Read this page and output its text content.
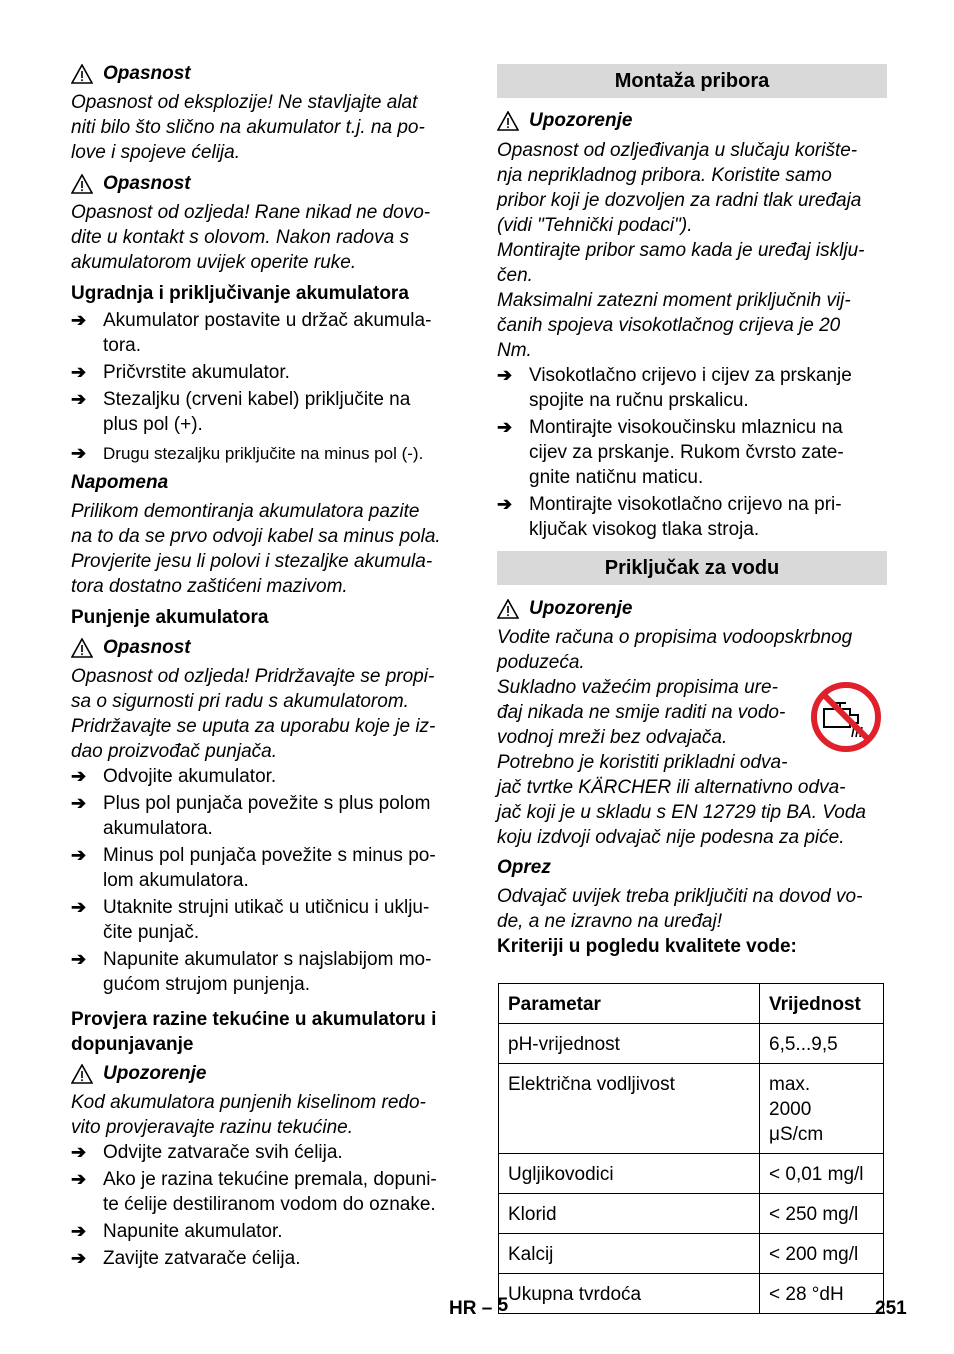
Opasnost
Opasnost od eksplozije! Ne stavljajte alat
niti bilo što slično na akumulator t.j. na po-
love i spojeve ćelija.
Opasnost
Opasnost od ozljeda! Rane nikad ne dovo-
dite u kontakt s olovom. Nakon radova s
akumulatorom uvijek operite ruke.
Ugradnja i priključivanje akumulatora
➔ Akumulator postavite u držač akumula-
tora.
➔ Pričvrstite akumulator.
➔ Stezaljku (crveni kabel) priključite na
plus pol (+).
➔ Drugu stezaljku priključite na minus pol (-).
Napomena
Prilikom demontiranja akumulatora pazite
na to da se prvo odvoji kabel sa minus pola.
Provjerite jesu li polovi i stezaljke akumula-
tora dostatno zaštićeni mazivom.
Punjenje akumulatora
Opasnost
Opasnost od ozljeda! Pridržavajte se propi-
sa o sigurnosti pri radu s akumulatorom.
Pridržavajte se uputa za uporabu koje je iz-
dao proizvođač punjača.
➔ Odvojite akumulator.
➔ Plus pol punjača povežite s plus polom
akumulatora.
➔ Minus pol punjača povežite s minus po-
lom akumulatora.
➔ Utaknite strujni utikač u utičnicu i uklju-
čite punjač.
➔ Napunite akumulator s najslabijom mo-
gućom strujom punjenja.
Provjera razine tekućine u akumulatoru i
dopunjavanje
Upozorenje
Kod akumulatora punjenih kiselinom redo-
vito provjeravajte razinu tekućine.
➔ Odvijte zatvarače svih ćelija.
➔ Ako je razina tekućine premala, dopuni-
te ćelije destiliranom vodom do oznake.
➔ Napunite akumulator.
➔ Zavijte zatvarače ćelija.
Montaža pribora
Upozorenje
Opasnost od ozljeđivanja u slučaju korište-
nja neprikladnog pribora. Koristite samo
pribor koji je dozvoljen za radni tlak uređaja
(vidi "Tehnički podaci").
Montirajte pribor samo kada je uređaj isklju-
čen.
Maksimalni zatezni moment priključnih vij-
čanih spojeva visokotlačnog crijeva je 20
Nm.
➔ Visokotlačno crijevo i cijev za prskanje
spojite na ručnu prskalicu.
➔ Montirajte visokoučinsku mlaznicu na
cijev za prskanje. Rukom čvrsto zate-
gnite natičnu maticu.
➔ Montirajte visokotlačno crijevo na pri-
ključak visokog tlaka stroja.
Priključak za vodu
Upozorenje
Vodite računa o propisima vodoopskrbnog
poduzeća.
Sukladno važećim propisima ure-
đaj nikada ne smije raditi na vodo-
vodnoj mreži bez odvajača.
Potrebno je koristiti prikladni odva-
jač tvrtke KÄRCHER ili alternativno odva-
jač koji je u skladu s EN 12729 tip BA. Voda
koju izdvoji odvajač nije podesna za piće.
Oprez
Odvajač uvijek treba priključiti na dovod vo-
de, a ne izravno na uređaj!
Kriteriji u pogledu kvalitete vode:
Parametar	Vrijednost
pH-vrijednost	6,5...9,5
Električna vodljivost	max. 2000 μS/cm
Ugljikovodici	< 0,01 mg/l
Klorid	< 250 mg/l
Kalcij	< 200 mg/l
Ukupna tvrdoća	< 28 °dH
HR – 5	251
